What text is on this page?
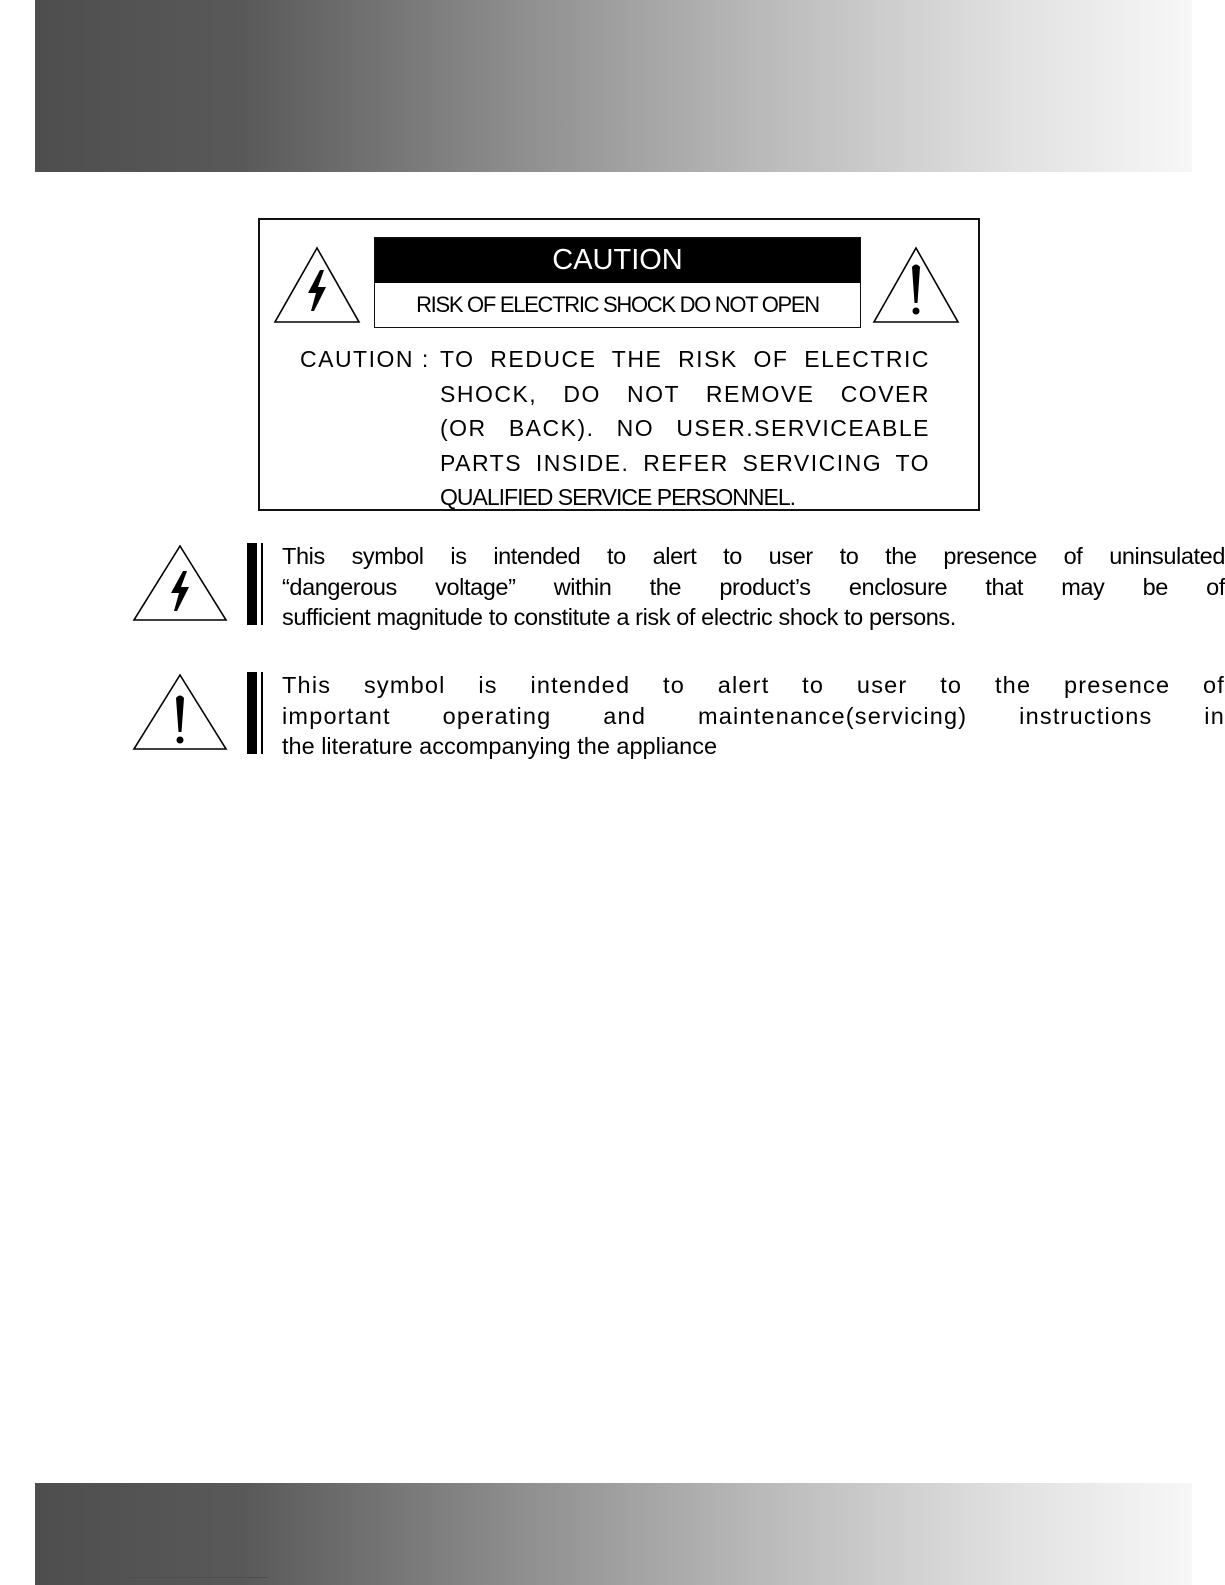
CAUTION
RISK OF ELECTRIC SHOCK DO NOT OPEN
CAUTION : TO REDUCE THE RISK OF ELECTRIC
SHOCK, DO NOT REMOVE COVER
(OR BACK). NO USER.SERVICEABLE
PARTS INSIDE. REFER SERVICING TO
QUALIFIED SERVICE PERSONNEL.
This symbol is intended to alert to user to the presence of uninsulated
“dangerous voltage” within the product’s enclosure that may be of
sufficient magnitude to constitute a risk of electric shock to persons.
This symbol is intended to alert to user to the presence of
important operating and maintenance(servicing) instructions in
the literature accompanying the appliance
